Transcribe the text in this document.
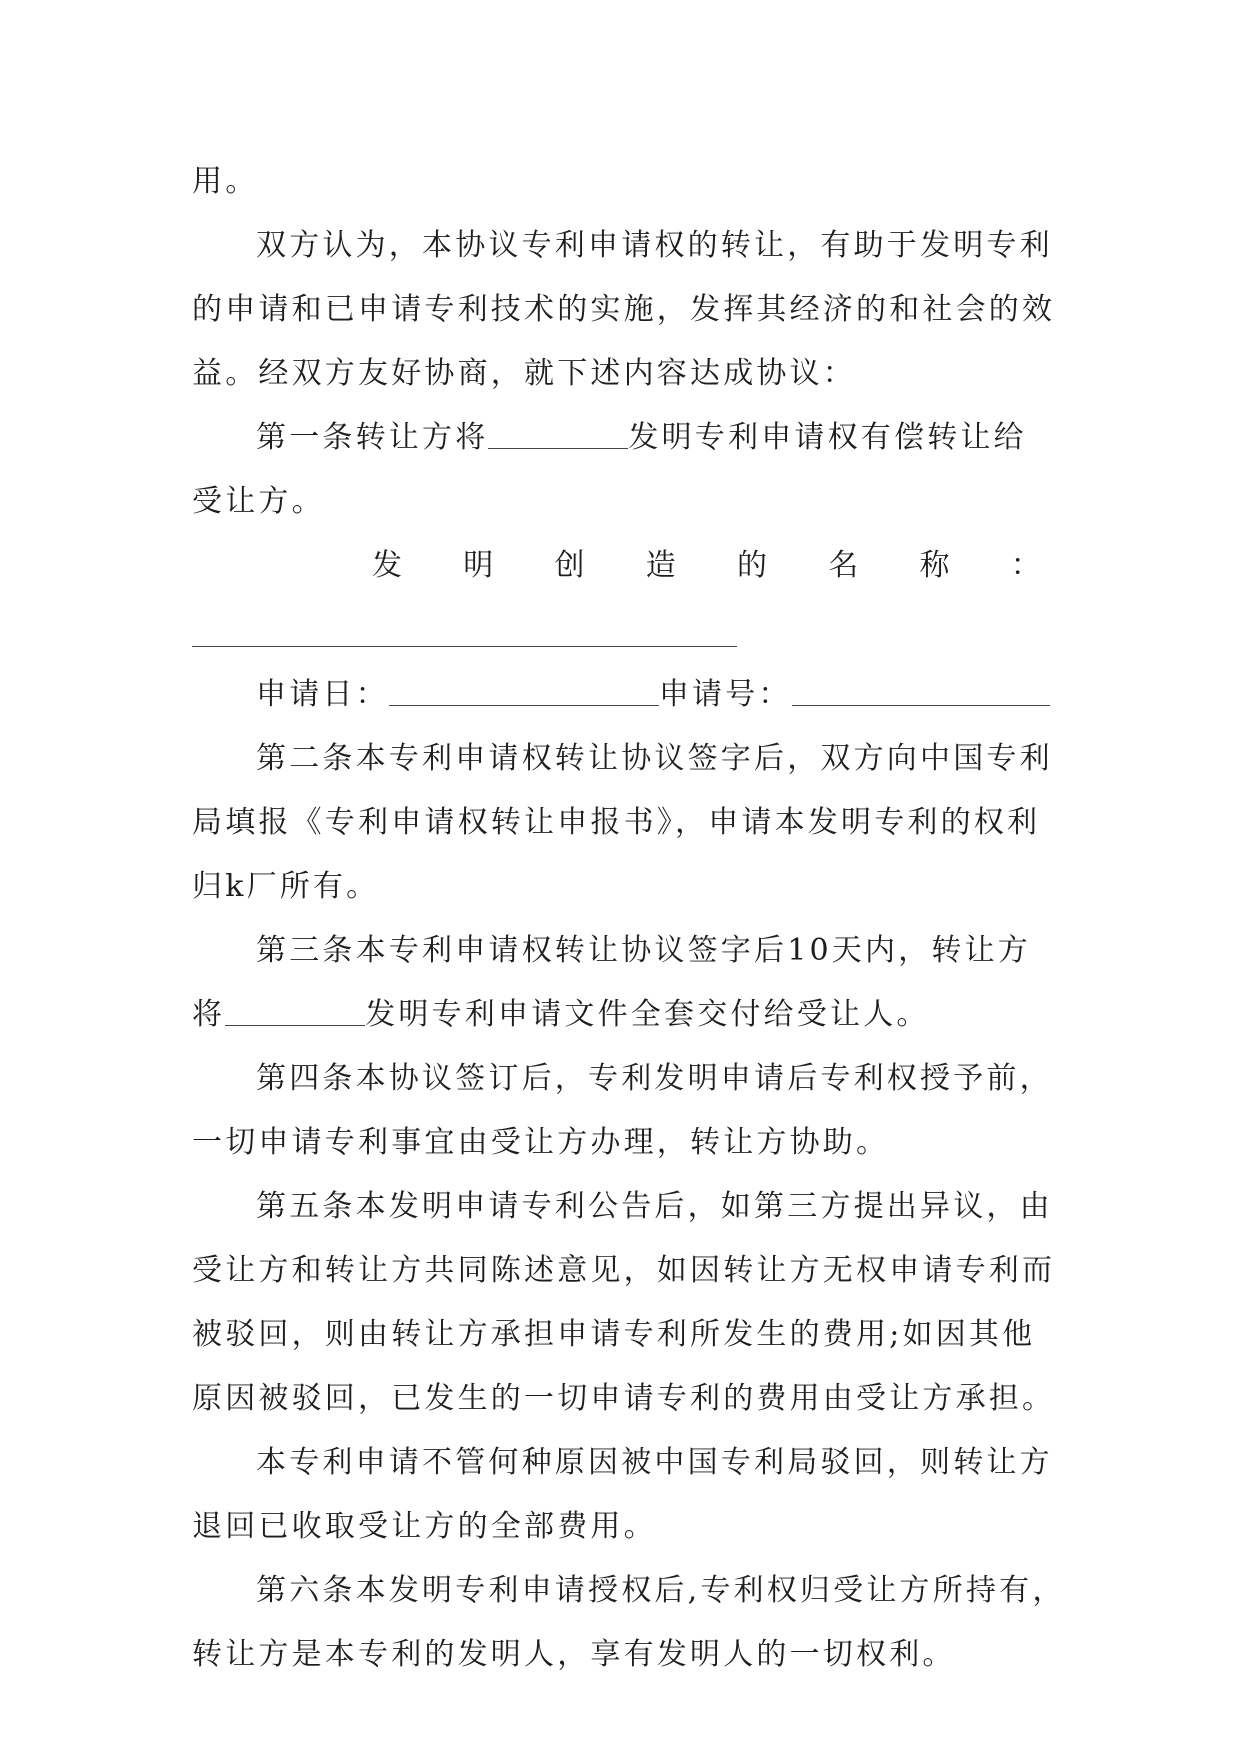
用。
双方认为，本协议专利申请权的转让，有助于发明专利
的申请和已申请专利技术的实施，发挥其经济的和社会的效
益。经双方友好协商，就下述内容达成协议：
第一条转让方将	发明专利申请权有偿转让给
受让方。
发 明 创 造 的 名 称 ：
申请日：	申请号：
第二条本专利申请权转让协议签字后，双方向中国专利
局填报《专利申请权转让申报书》，申请本发明专利的权利
归k厂所有。
第三条本专利申请权转让协议签字后10天内，转让方
将	发明专利申请文件全套交付给受让人。
第四条本协议签订后，专利发明申请后专利权授予前，
一切申请专利事宜由受让方办理，转让方协助。
第五条本发明申请专利公告后，如第三方提出异议，由
受让方和转让方共同陈述意见，如因转让方无权申请专利而
被驳回，则由转让方承担申请专利所发生的费用;如因其他
原因被驳回，已发生的一切申请专利的费用由受让方承担。
本专利申请不管何种原因被中国专利局驳回，则转让方
退回已收取受让方的全部费用。
第六条本发明专利申请授权后,专利权归受让方所持有，
转让方是本专利的发明人，享有发明人的一切权利。
